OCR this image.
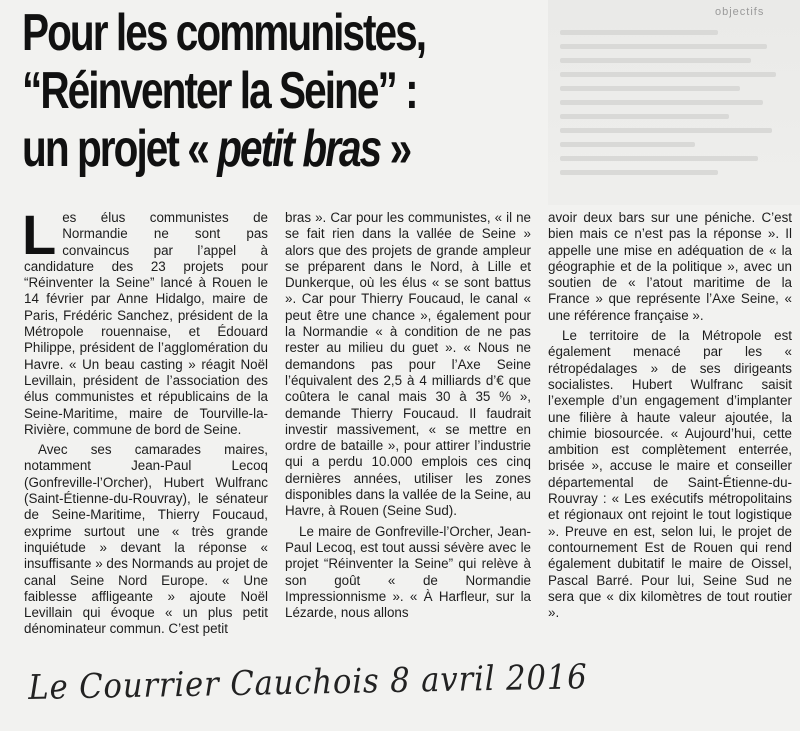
objectifs
Pour les communistes,
“Réinventer la Seine” :
un projet « petit bras »

Les élus communistes de Normandie ne sont pas convaincus par l’appel à candidature des 23 projets pour “Réinventer la Seine” lancé à Rouen le 14 février par Anne Hidalgo, maire de Paris, Frédéric Sanchez, président de la Métropole rouennaise, et Édouard Philippe, président de l’agglomération du Havre. « Un beau casting » réagit Noël Levillain, président de l’association des élus communistes et républicains de la Seine-Maritime, maire de Tourville-la-Rivière, commune de bord de Seine.

Avec ses camarades maires, notamment Jean-Paul Lecoq (Gonfreville-l’Orcher), Hubert Wulfranc (Saint-Étienne-du-Rouvray), le sénateur de Seine-Maritime, Thierry Foucaud, exprime surtout une « très grande inquiétude » devant la réponse « insuffisante » des Normands au projet de canal Seine Nord Europe. « Une faiblesse affligeante » ajoute Noël Levillain qui évoque « un plus petit dénominateur commun. C’est petit

bras ». Car pour les communistes, « il ne se fait rien dans la vallée de Seine » alors que des projets de grande ampleur se préparent dans le Nord, à Lille et Dunkerque, où les élus « se sont battus ». Car pour Thierry Foucaud, le canal « peut être une chance », également pour la Normandie « à condition de ne pas rester au milieu du guet ». « Nous ne demandons pas pour l’Axe Seine l’équivalent des 2,5 à 4 milliards d’€ que coûtera le canal mais 30 à 35 % », demande Thierry Foucaud. Il faudrait investir massivement, « se mettre en ordre de bataille », pour attirer l’industrie qui a perdu 10.000 emplois ces cinq dernières années, utiliser les zones disponibles dans la vallée de la Seine, au Havre, à Rouen (Seine Sud).

Le maire de Gonfreville-l’Orcher, Jean-Paul Lecoq, est tout aussi sévère avec le projet “Réinventer la Seine” qui relève à son goût « de Normandie Impressionnisme ». « À Harfleur, sur la Lézarde, nous allons

avoir deux bars sur une péniche. C’est bien mais ce n’est pas la réponse ». Il appelle une mise en adéquation de « la géographie et de la politique », avec un soutien de « l’atout maritime de la France » que représente l’Axe Seine, « une référence française ».

Le territoire de la Métropole est également menacé par les « rétropédalages » de ses dirigeants socialistes. Hubert Wulfranc saisit l’exemple d’un engagement d’implanter une filière à haute valeur ajoutée, la chimie biosourcée. « Aujourd’hui, cette ambition est complètement enterrée, brisée », accuse le maire et conseiller départemental de Saint-Étienne-du-Rouvray : « Les exécutifs métropolitains et régionaux ont rejoint le tout logistique ». Preuve en est, selon lui, le projet de contournement Est de Rouen qui rend également dubitatif le maire de Oissel, Pascal Barré. Pour lui, Seine Sud ne sera que « dix kilomètres de tout routier ».

Le Courrier Cauchois 8 avril 2016
